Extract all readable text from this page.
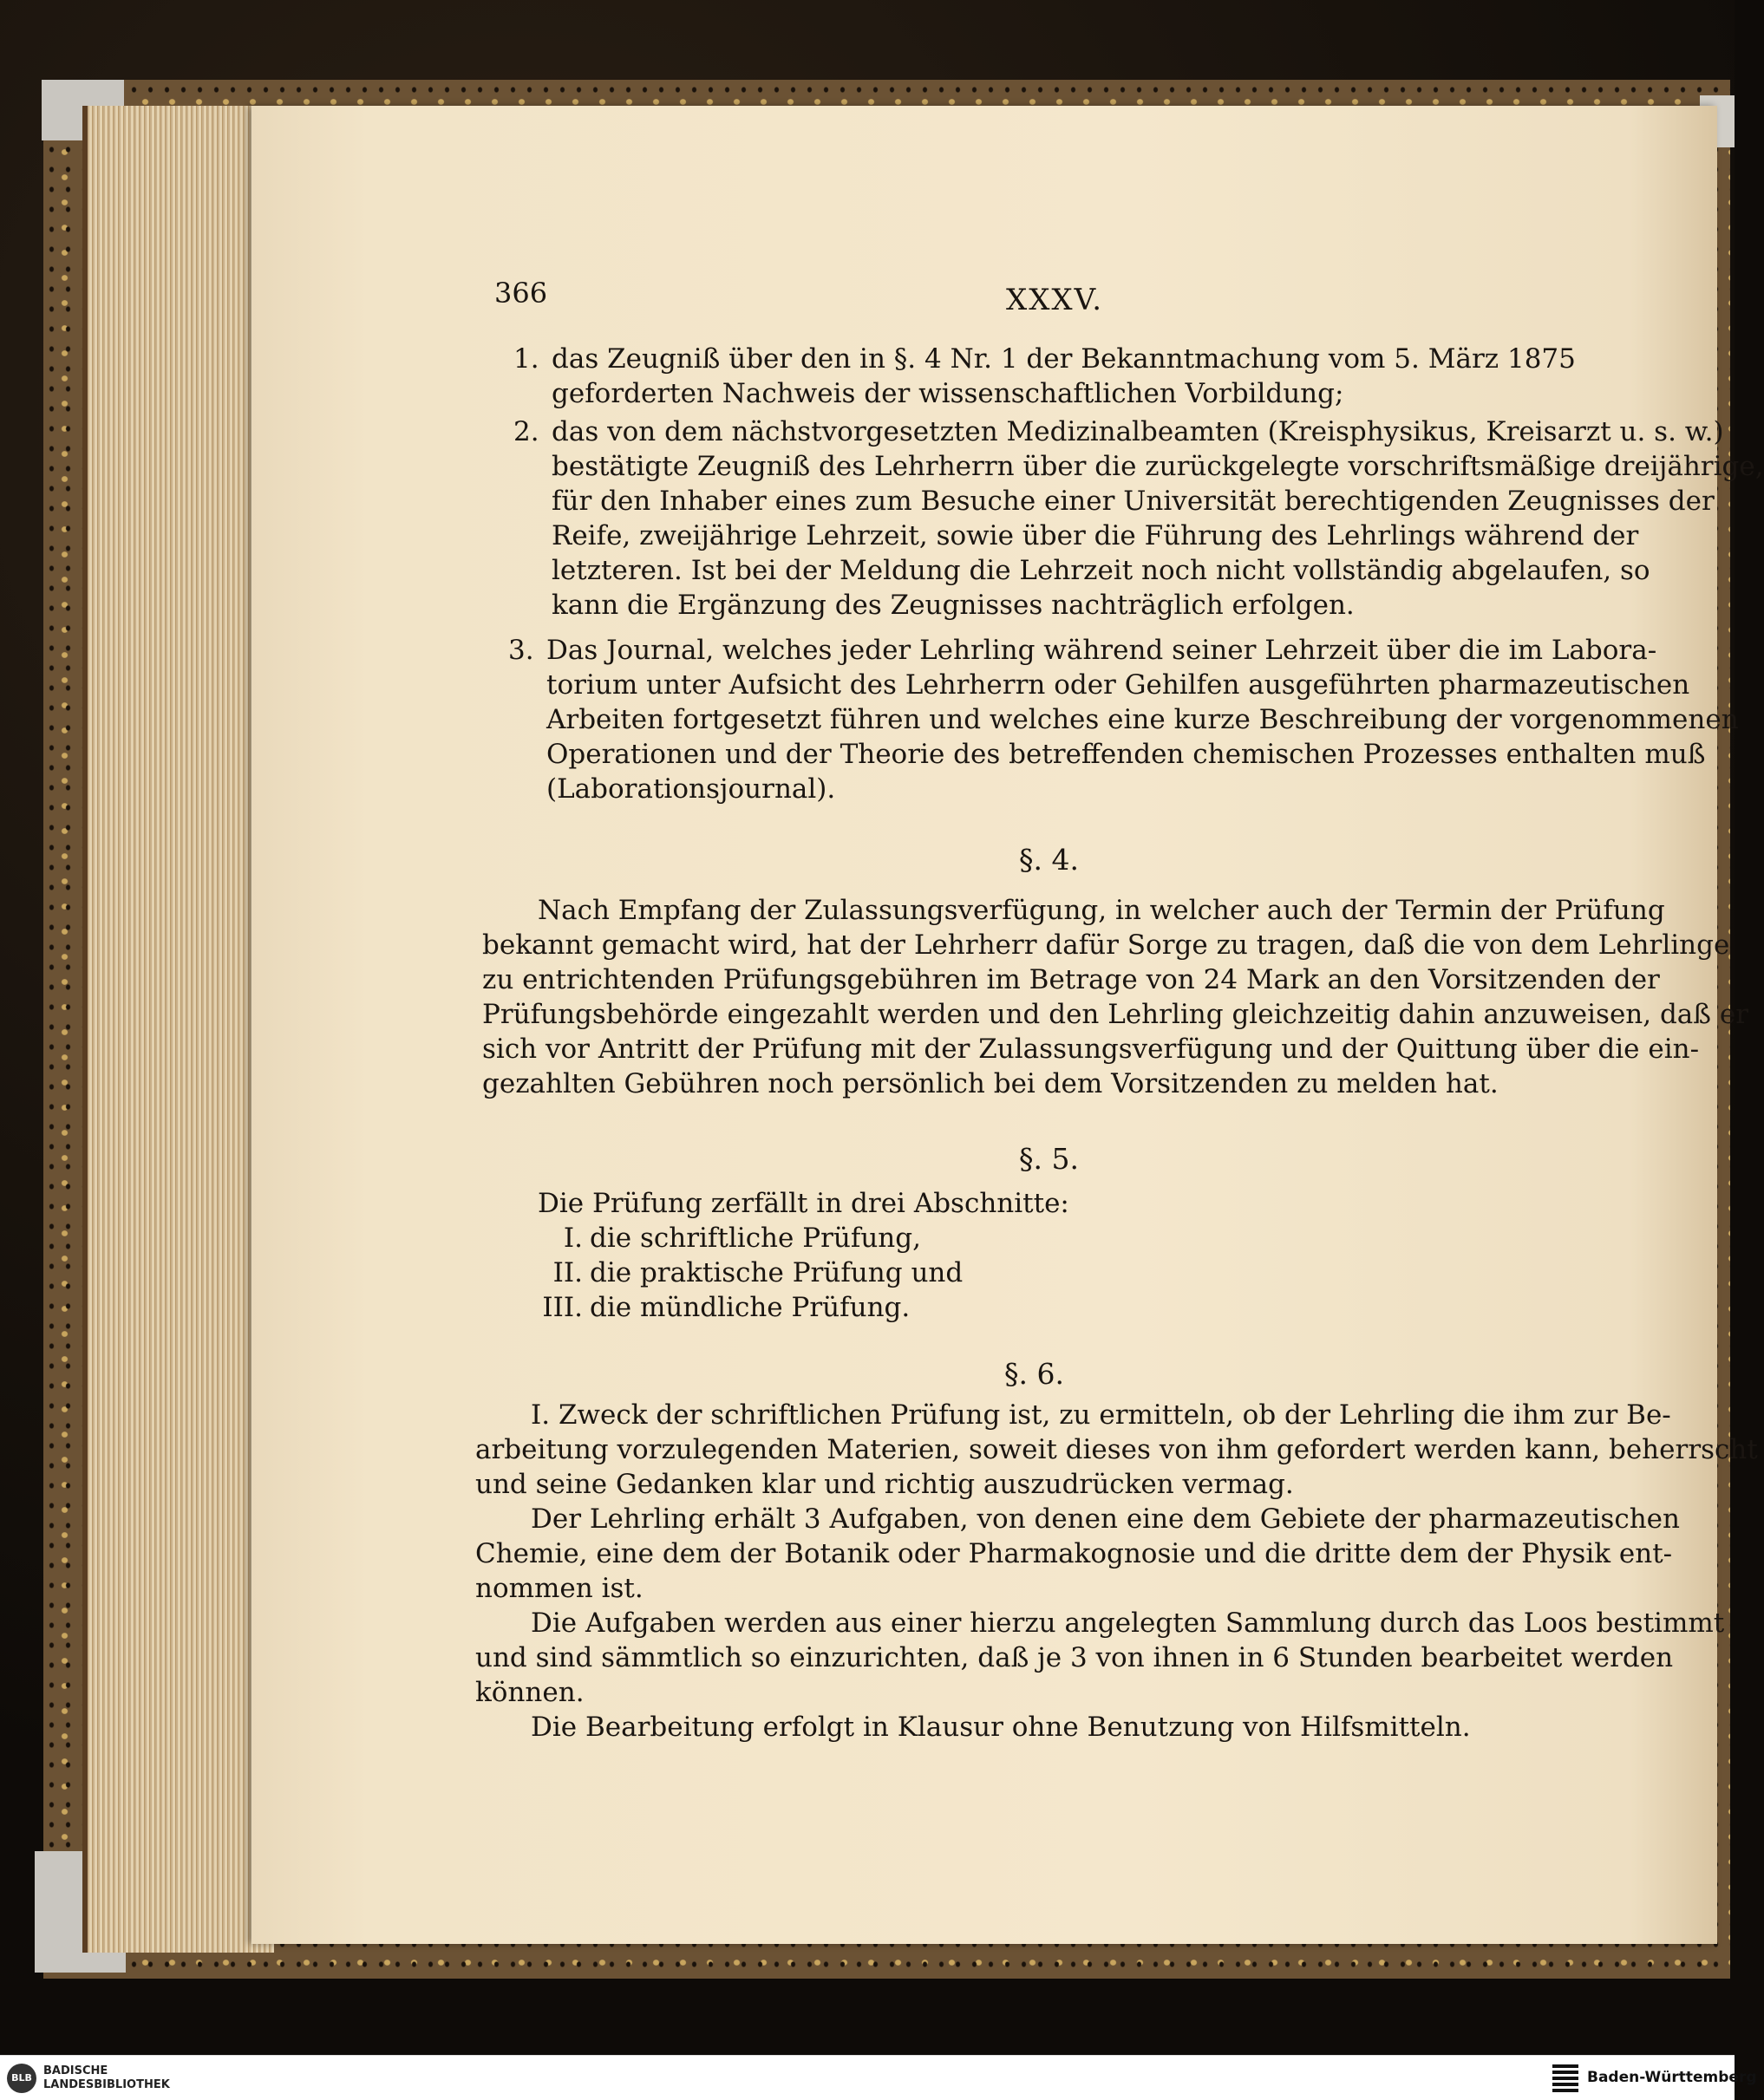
366	XXXV.
1. das Zeugniß über den in §. 4 Nr. 1 der Bekanntmachung vom 5. März 1875
geforderten Nachweis der wissenschaftlichen Vorbildung;
2. das von dem nächstvorgesetzten Medizinalbeamten (Kreisphysikus, Kreisarzt u. s. w.)
bestätigte Zeugniß des Lehrherrn über die zurückgelegte vorschriftsmäßige dreijährige,
für den Inhaber eines zum Besuche einer Universität berechtigenden Zeugnisses der
Reife, zweijährige Lehrzeit, sowie über die Führung des Lehrlings während der
letzteren. Ist bei der Meldung die Lehrzeit noch nicht vollständig abgelaufen, so
kann die Ergänzung des Zeugnisses nachträglich erfolgen.
3. Das Journal, welches jeder Lehrling während seiner Lehrzeit über die im Labora-
torium unter Aufsicht des Lehrherrn oder Gehilfen ausgeführten pharmazeutischen
Arbeiten fortgesetzt führen und welches eine kurze Beschreibung der vorgenommenen
Operationen und der Theorie des betreffenden chemischen Prozesses enthalten muß
(Laborationsjournal).
§. 4.
Nach Empfang der Zulassungsverfügung, in welcher auch der Termin der Prüfung
bekannt gemacht wird, hat der Lehrherr dafür Sorge zu tragen, daß die von dem Lehrlinge
zu entrichtenden Prüfungsgebühren im Betrage von 24 Mark an den Vorsitzenden der
Prüfungsbehörde eingezahlt werden und den Lehrling gleichzeitig dahin anzuweisen, daß er
sich vor Antritt der Prüfung mit der Zulassungsverfügung und der Quittung über die ein-
gezahlten Gebühren noch persönlich bei dem Vorsitzenden zu melden hat.
§. 5.
Die Prüfung zerfällt in drei Abschnitte:
I. die schriftliche Prüfung,
II. die praktische Prüfung und
III. die mündliche Prüfung.
§. 6.
I. Zweck der schriftlichen Prüfung ist, zu ermitteln, ob der Lehrling die ihm zur Be-
arbeitung vorzulegenden Materien, soweit dieses von ihm gefordert werden kann, beherrscht
und seine Gedanken klar und richtig auszudrücken vermag.
Der Lehrling erhält 3 Aufgaben, von denen eine dem Gebiete der pharmazeutischen
Chemie, eine dem der Botanik oder Pharmakognosie und die dritte dem der Physik ent-
nommen ist.
Die Aufgaben werden aus einer hierzu angelegten Sammlung durch das Loos bestimmt
und sind sämmtlich so einzurichten, daß je 3 von ihnen in 6 Stunden bearbeitet werden
können.
Die Bearbeitung erfolgt in Klausur ohne Benutzung von Hilfsmitteln.
BLB
BADISCHE
LANDESBIBLIOTHEK	Baden-Württemberg
